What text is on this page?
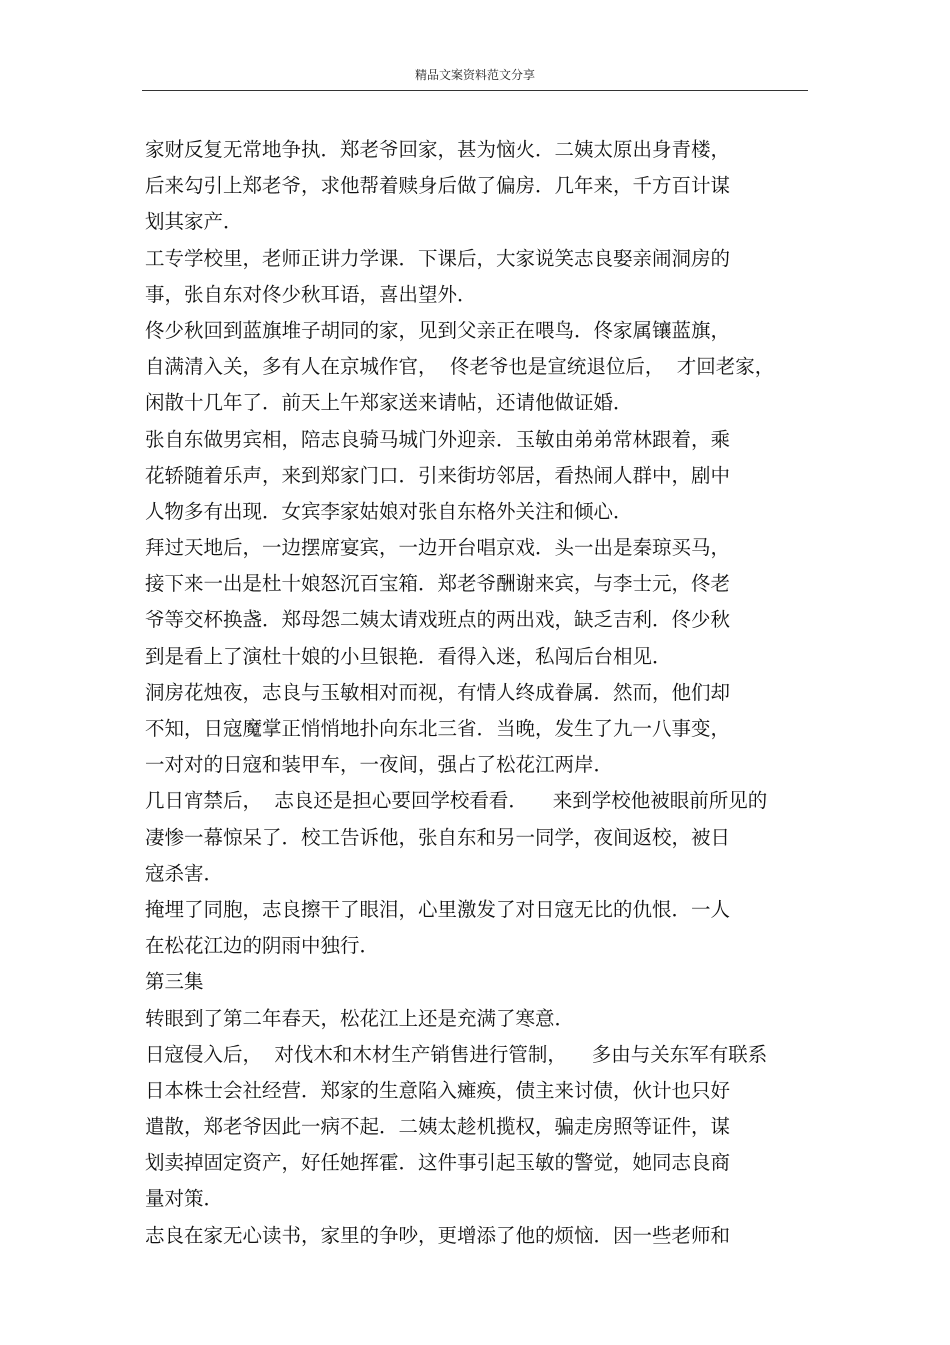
精品文案资料范文分享
家财反复无常地争执．郑老爷回家，甚为恼火．二姨太原出身青楼，
后来勾引上郑老爷，求他帮着赎身后做了偏房．几年来，千方百计谋
划其家产．
工专学校里，老师正讲力学课．下课后，大家说笑志良娶亲闹洞房的
事，张自东对佟少秋耳语，喜出望外．
佟少秋回到蓝旗堆子胡同的家，见到父亲正在喂鸟．佟家属镶蓝旗，
自满清入关，多有人在京城作官，  佟老爷也是宣统退位后，  才回老家，
闲散十几年了．前天上午郑家送来请帖，还请他做证婚．
张自东做男宾相，陪志良骑马城门外迎亲．玉敏由弟弟常林跟着，乘
花轿随着乐声，来到郑家门口．引来街坊邻居，看热闹人群中，剧中
人物多有出现．女宾李家姑娘对张自东格外关注和倾心．
拜过天地后，一边摆席宴宾，一边开台唱京戏．头一出是秦琼买马，
接下来一出是杜十娘怒沉百宝箱．郑老爷酬谢来宾，与李士元，佟老
爷等交杯换盏．郑母怨二姨太请戏班点的两出戏，缺乏吉利．佟少秋
到是看上了演杜十娘的小旦银艳．看得入迷，私闯后台相见．
洞房花烛夜，志良与玉敏相对而视，有情人终成眷属．然而，他们却
不知，日寇魔掌正悄悄地扑向东北三省．当晚，发生了九一八事变，
一对对的日寇和装甲车，一夜间，强占了松花江两岸．
几日宵禁后，  志良还是担心要回学校看看．    来到学校他被眼前所见的
凄惨一幕惊呆了．校工告诉他，张自东和另一同学，夜间返校，被日
寇杀害．
掩埋了同胞，志良擦干了眼泪，心里激发了对日寇无比的仇恨．一人
在松花江边的阴雨中独行．
第三集
转眼到了第二年春天，松花江上还是充满了寒意．
日寇侵入后，  对伐木和木材生产销售进行管制，    多由与关东军有联系
日本株士会社经营．郑家的生意陷入瘫痪，债主来讨债，伙计也只好
遣散，郑老爷因此一病不起．二姨太趁机揽权，骗走房照等证件，谋
划卖掉固定资产，好任她挥霍．这件事引起玉敏的警觉，她同志良商
量对策．
志良在家无心读书，家里的争吵，更增添了他的烦恼．因一些老师和
